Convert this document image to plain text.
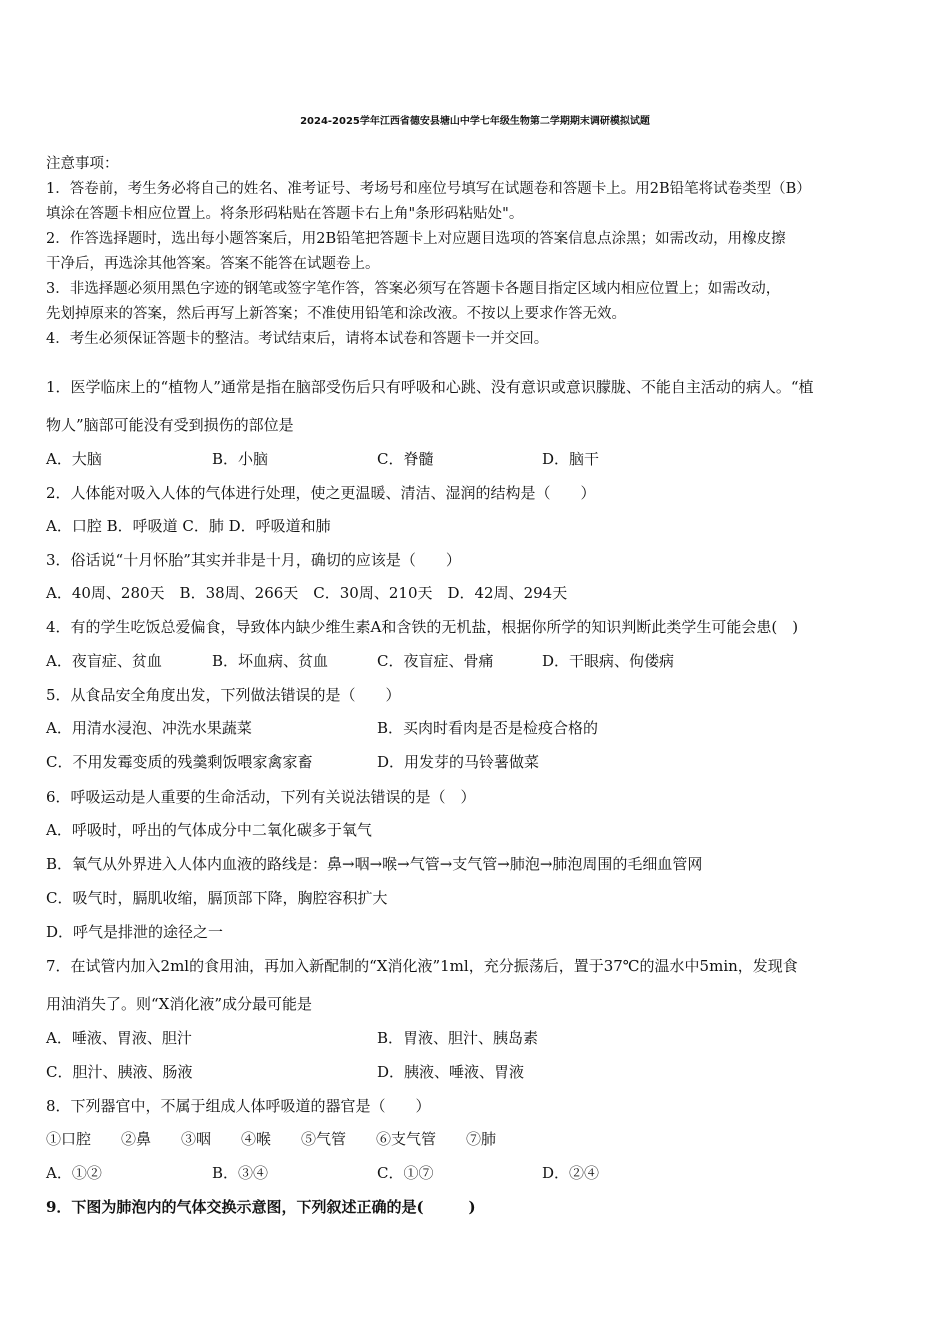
2024-2025学年江西省德安县塘山中学七年级生物第二学期期末调研模拟试题
注意事项：
1．答卷前，考生务必将自己的姓名、准考证号、考场号和座位号填写在试题卷和答题卡上。用2B铅笔将试卷类型（B）
填涂在答题卡相应位置上。将条形码粘贴在答题卡右上角"条形码粘贴处"。
2．作答选择题时，选出每小题答案后，用2B铅笔把答题卡上对应题目选项的答案信息点涂黑；如需改动，用橡皮擦
干净后，再选涂其他答案。答案不能答在试题卷上。
3．非选择题必须用黑色字迹的钢笔或签字笔作答，答案必须写在答题卡各题目指定区域内相应位置上；如需改动，
先划掉原来的答案，然后再写上新答案；不准使用铅笔和涂改液。不按以上要求作答无效。
4．考生必须保证答题卡的整洁。考试结束后，请将本试卷和答题卡一并交回。
1．医学临床上的“植物人”通常是指在脑部受伤后只有呼吸和心跳、没有意识或意识朦胧、不能自主活动的病人。“植
物人”脑部可能没有受到损伤的部位是
A．大脑	B．小脑	C．脊髓	D．脑干
2．人体能对吸入人体的气体进行处理，使之更温暖、清洁、湿润的结构是（　　）
A．口腔 B．呼吸道 C．肺 D．呼吸道和肺
3．俗话说“十月怀胎”其实并非是十月，确切的应该是（　　）
A．40周、280天　B．38周、266天　C．30周、210天　D．42周、294天
4．有的学生吃饭总爱偏食，导致体内缺少维生素A和含铁的无机盐，根据你所学的知识判断此类学生可能会患(　)
A．夜盲症、贫血	B．坏血病、贫血	C．夜盲症、骨痛	D．干眼病、佝偻病
5．从食品安全角度出发，下列做法错误的是（　　）
A．用清水浸泡、冲洗水果蔬菜	B．买肉时看肉是否是检疫合格的
C．不用发霉变质的残羹剩饭喂家禽家畜	D．用发芽的马铃薯做菜
6．呼吸运动是人重要的生命活动，下列有关说法错误的是（　）
A．呼吸时，呼出的气体成分中二氧化碳多于氧气
B．氧气从外界进入人体内血液的路线是：鼻→咽→喉→气管→支气管→肺泡→肺泡周围的毛细血管网
C．吸气时，膈肌收缩，膈顶部下降，胸腔容积扩大
D．呼气是排泄的途径之一
7．在试管内加入2ml的食用油，再加入新配制的“X消化液”1ml，充分振荡后，置于37℃的温水中5min，发现食
用油消失了。则“X消化液”成分最可能是
A．唾液、胃液、胆汁	B．胃液、胆汁、胰岛素
C．胆汁、胰液、肠液	D．胰液、唾液、胃液
8．下列器官中，不属于组成人体呼吸道的器官是（　　）
①口腔　　②鼻　　③咽　　④喉　　⑤气管　　⑥支气管　　⑦肺
A．①②	B．③④	C．①⑦	D．②④
9．下图为肺泡内的气体交换示意图，下列叙述正确的是(　　　)
